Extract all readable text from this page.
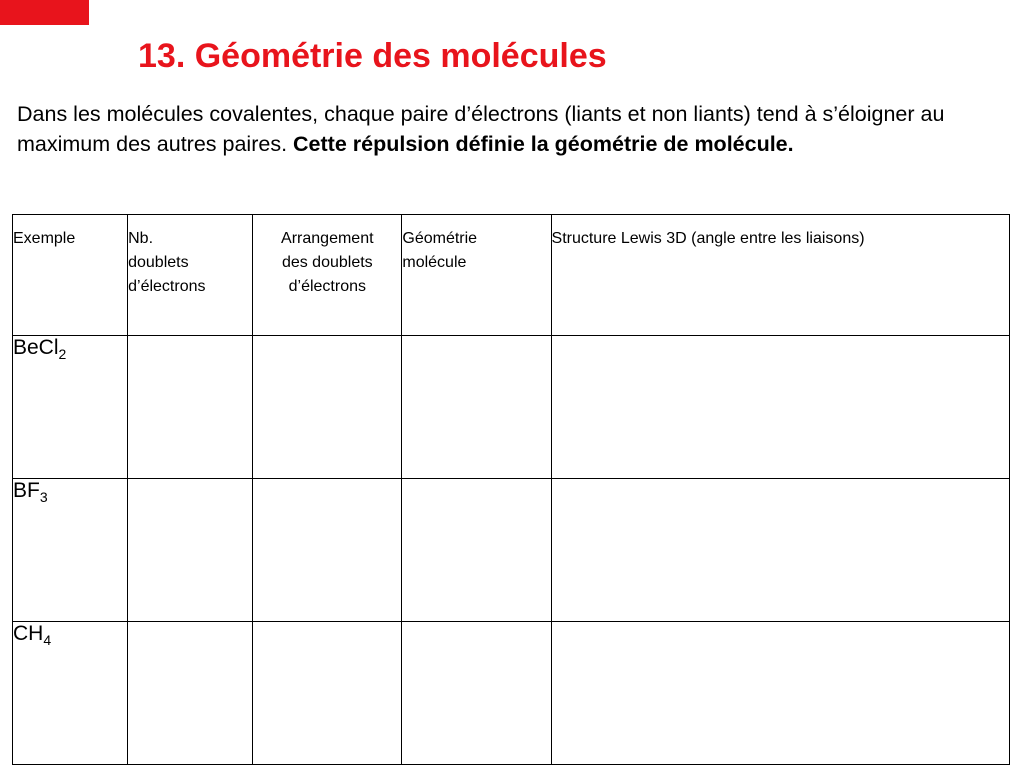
13. Géométrie des molécules

Dans les molécules covalentes, chaque paire d’électrons (liants et non liants) tend à s’éloigner au maximum des autres paires. Cette répulsion définie la géométrie de molécule.

Exemple	Nb.
doublets
d’électrons	Arrangement
des doublets
d’électrons	Géométrie
molécule	Structure Lewis 3D (angle entre les liaisons)
BeCl$_2$				
$BF_3$				
$CH_4$				
